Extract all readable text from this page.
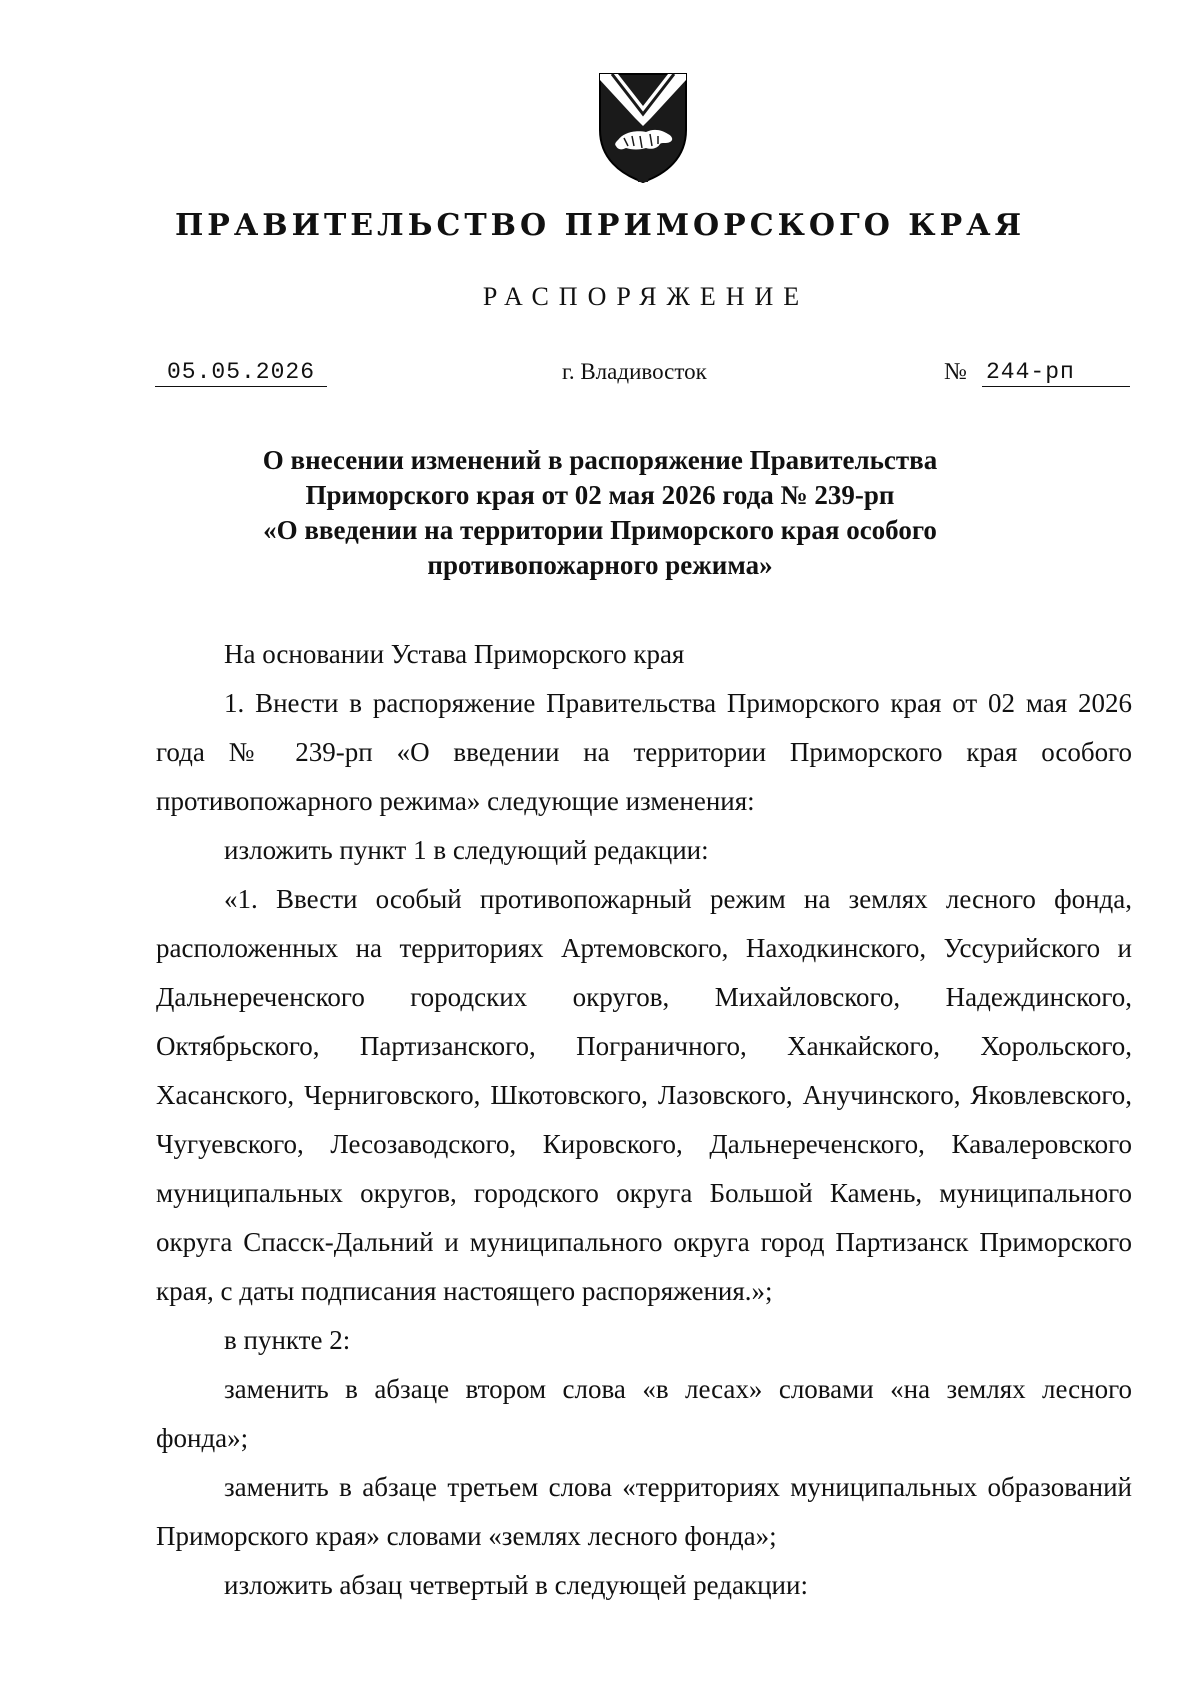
ПРАВИТЕЛЬСТВО ПРИМОРСКОГО КРАЯ
РАСПОРЯЖЕНИЕ
05.05.2026	г. Владивосток	№ 244-рп
О внесении изменений в распоряжение Правительства
Приморского края от 02 мая 2026 года № 239-рп
«О введении на территории Приморского края особого
противопожарного режима»

На основании Устава Приморского края

1. Внести в распоряжение Правительства Приморского края от 02 мая 2026 года № 239-рп «О введении на территории Приморского края особого противопожарного режима» следующие изменения:

изложить пункт 1 в следующий редакции:

«1. Ввести особый противопожарный режим на землях лесного фонда, расположенных на территориях Артемовского, Находкинского, Уссурийского и Дальнереченского городских округов, Михайловского, Надеждинского, Октябрьского, Партизанского, Пограничного, Ханкайского, Хорольского, Хасанского, Черниговского, Шкотовского, Лазовского, Анучинского, Яковлевского, Чугуевского, Лесозаводского, Кировского, Дальнереченского, Кавалеровского муниципальных округов, городского округа Большой Камень, муниципального округа Спасск-Дальний и муниципального округа город Партизанск Приморского края, с даты подписания настоящего распоряжения.»;

в пункте 2:

заменить в абзаце втором слова «в лесах» словами «на землях лесного фонда»;

заменить в абзаце третьем слова «территориях муниципальных образований Приморского края» словами «землях лесного фонда»;

изложить абзац четвертый в следующей редакции:
